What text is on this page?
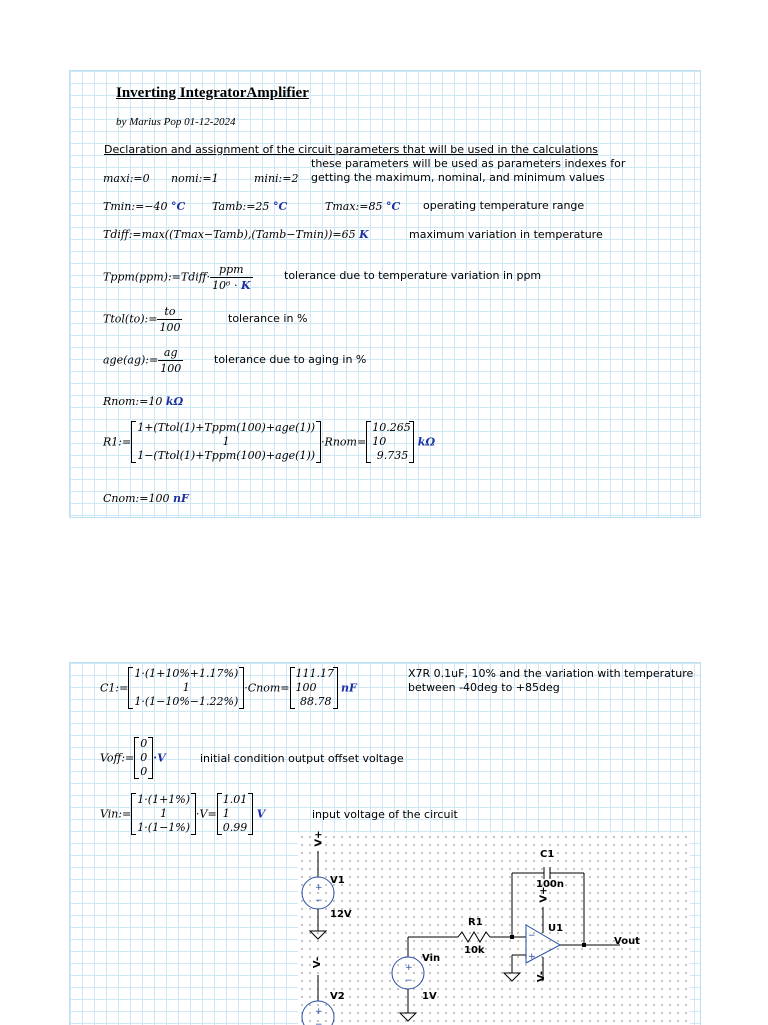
Inverting IntegratorAmplifier
by Marius Pop 01-12-2024
Declaration and assignment of the circuit parameters that will be used in the calculations
these parameters will be used as parameters indexes for
getting the maximum, nominal, and minimum values
maxi:=0 nomi:=1	mini:=2
Tmin:=−40 °C Tamb:=25 °C	Tmax:=85 °C operating temperature range
Tdiff:=max((Tmax−Tamb),(Tamb−Tmin))=65 K	maximum variation in temperature
Tppm(ppm):=Tdiff· $\frac{\text{ppm}}{\text{10⁶ · K}}$	tolerance due to temperature variation in ppm
Ttol(to):= $\frac{to}{100}$	tolerance in %
age(ag):= $\frac{ag}{100}$	tolerance due to aging in %
Rnom:=10 kΩ
R1:=
1+(Ttol(1)+Tppm(100)+age(1))
1
1−(Ttol(1)+Tppm(100)+age(1))
·Rnom=
10.265
10
9.735
kΩ
Cnom:=100 nF
C1:=
1·(1+10%+1.17%)
1
1·(1−10%−1.22%)
·Cnom=
111.17
100
88.78
nF
X7R 0.1uF, 10% and the variation with temperature
between -40deg to +85deg
Voff:=
0
0
0
·V	initial condition output offset voltage
Vin:=
1·(1+1%)
1
1·(1−1%)
·V=
1.01
1
0.99
V	input voltage of the circuit
+
−
+
−
+
−
−
+
V+
V1
12V
V-
V2
Vin
1V
R1
10k
C1
100n
U1
V+
V-
Vout
